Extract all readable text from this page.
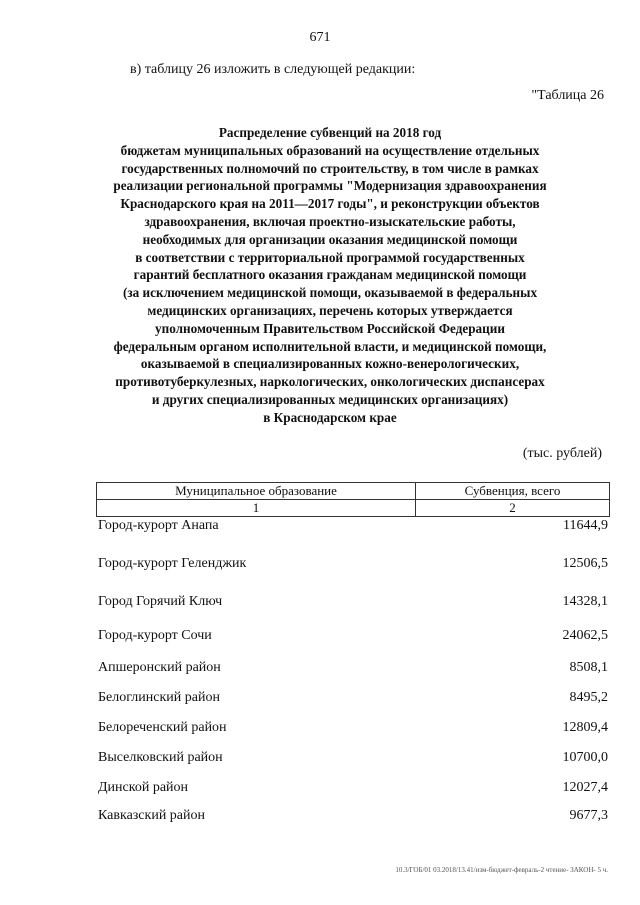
671
в) таблицу 26 изложить в следующей редакции:
"Таблица 26
Распределение субвенций на 2018 год
бюджетам муниципальных образований на осуществление отдельных
государственных полномочий по строительству, в том числе в рамках
реализации региональной программы "Модернизация здравоохранения
Краснодарского края на 2011—2017 годы", и реконструкции объектов
здравоохранения, включая проектно-изыскательские работы,
необходимых для организации оказания медицинской помощи
в соответствии с территориальной программой государственных
гарантий бесплатного оказания гражданам медицинской помощи
(за исключением медицинской помощи, оказываемой в федеральных
медицинских организациях, перечень которых утверждается
уполномоченным Правительством Российской Федерации
федеральным органом исполнительной власти, и медицинской помощи,
оказываемой в специализированных кожно-венерологических,
противотуберкулезных, наркологических, онкологических диспансерах
и других специализированных медицинских организациях)
в Краснодарском крае
(тыс. рублей)
Муниципальное образование	Субвенция, всего
1	2
Город-курорт Анапа	11644,9
Город-курорт Геленджик	12506,5
Город Горячий Ключ	14328,1
Город-курорт Сочи	24062,5
Апшеронский район	8508,1
Белоглинский район	8495,2
Белореченский район	12809,4
Выселковский район	10700,0
Динской район	12027,4
Кавказский район	9677,3
10.3/ГОБ/01 03.2018/13.41/изм-бюджет-февраль-2 чтение- ЗАКОН- 5 ч.
